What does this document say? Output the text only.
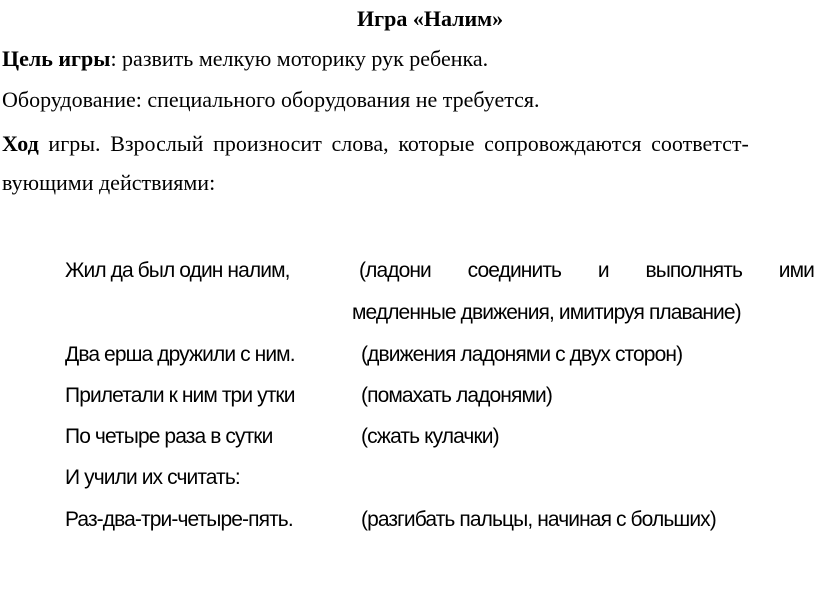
Игра «Налим»
Цель игры: развить мелкую моторику рук ребенка.
Оборудование: специального оборудования не требуется.
Ход игры. Взрослый произносит слова, которые сопровождаются соответст-
вующими действиями:
Жил да был один налим,	(ладони соединить и выполнять ими
медленные движения, имитируя плавание)
Два ерша дружили с ним.	(движения ладонями с двух сторон)
Прилетали к ним три утки	(помахать ладонями)
По четыре раза в сутки	(сжать кулачки)
И учили их считать:
Раз-два-три-четыре-пять.	(разгибать пальцы, начиная с больших)
